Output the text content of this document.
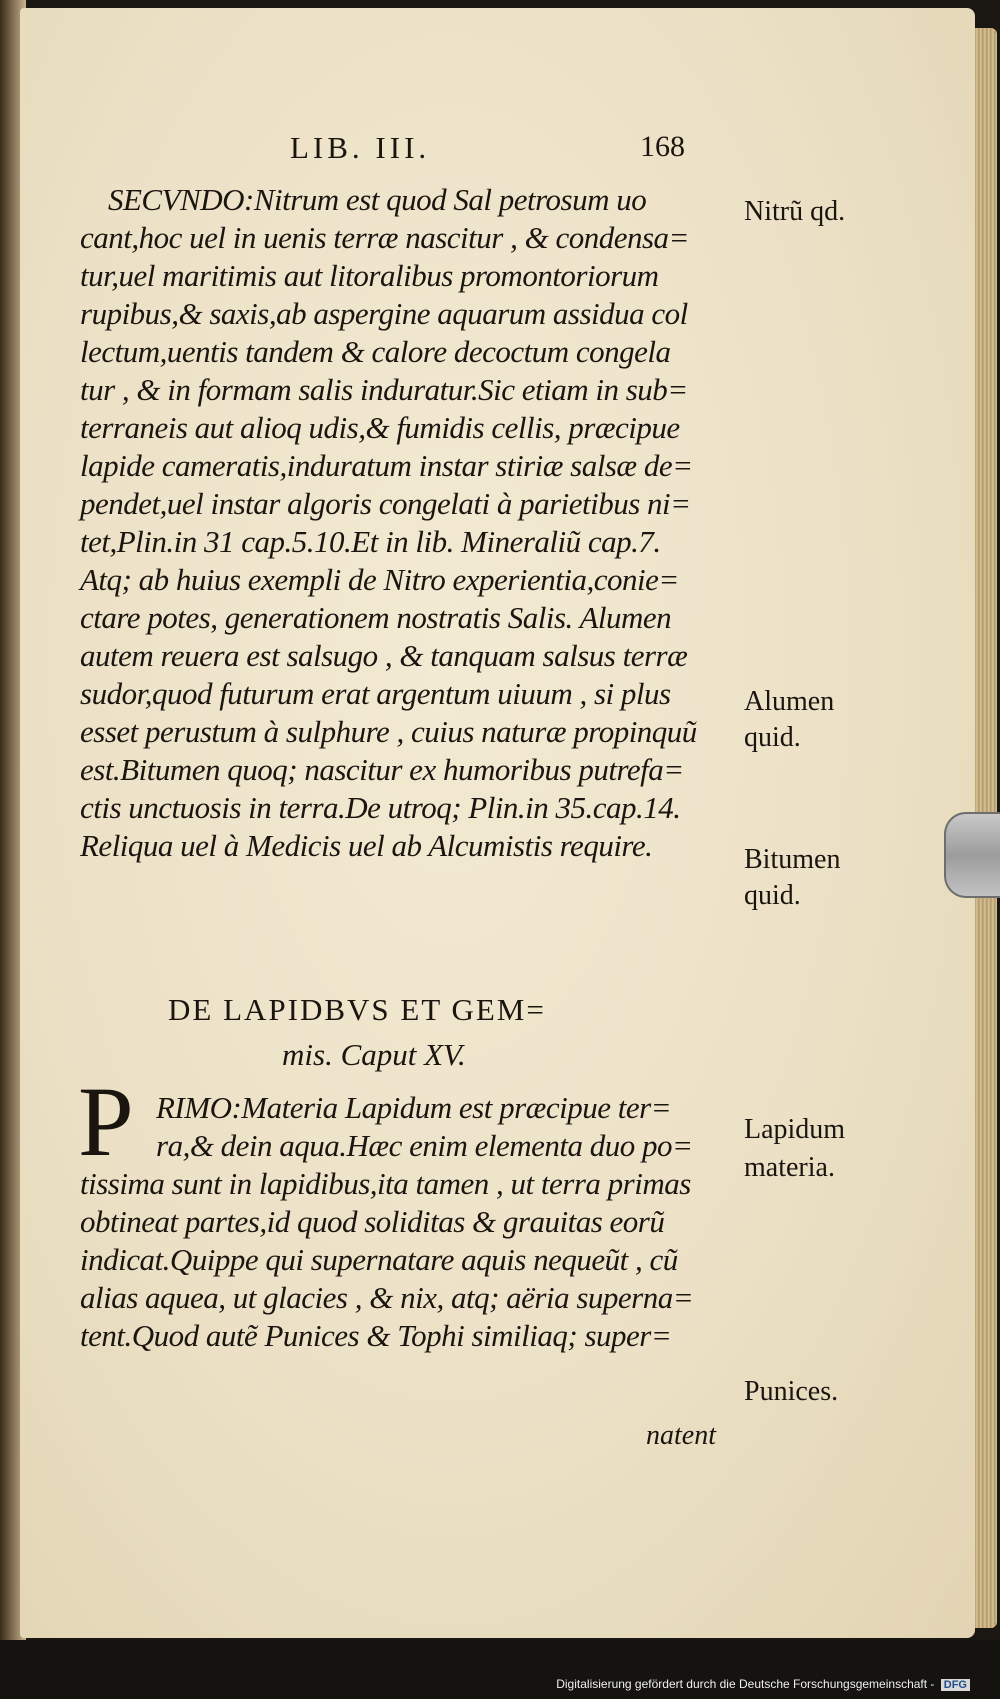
LIB. III.	168
SECVNDO:Nitrum est quod Sal petrosum uo
cant,hoc uel in uenis terræ nascitur , & condensa=
tur,uel maritimis aut litoralibus promontoriorum
rupibus,& saxis,ab aspergine aquarum assidua col
lectum,uentis tandem & calore decoctum congela
tur , & in formam salis induratur.Sic etiam in sub=
terraneis aut alioq udis,& fumidis cellis, præcipue
lapide cameratis,induratum instar stiriæ salsæ de=
pendet,uel instar algoris congelati à parietibus ni=
tet,Plin.in 31 cap.5.10.Et in lib. Mineraliũ cap.7.
Atq; ab huius exempli de Nitro experientia,conie=
ctare potes, generationem nostratis Salis. Alumen
autem reuera est salsugo , & tanquam salsus terræ
sudor,quod futurum erat argentum uiuum , si plus
esset perustum à sulphure , cuius naturæ propinquũ
est.Bitumen quoq; nascitur ex humoribus putrefa=
ctis unctuosis in terra.De utroq; Plin.in 35.cap.14.
Reliqua uel à Medicis uel ab Alcumistis require.
Nitrũ qd.
Alumen
quid.
Bitumen
quid.
Lapidum
materia.
Punices.
DE LAPIDBVS ET GEM=
mis. Caput XV.
P RIMO:Materia Lapidum est præcipue ter=
ra,& dein aqua.Hæc enim elementa duo po=
tissima sunt in lapidibus,ita tamen , ut terra primas
obtineat partes,id quod soliditas & grauitas eorũ
indicat.Quippe qui supernatare aquis nequeũt , cũ
alias aquea, ut glacies , & nix, atq; aëria superna=
tent.Quod autẽ Punices & Tophi similiaq; super=
natent
Digitalisierung gefördert durch die Deutsche Forschungsgemeinschaft - DFG
